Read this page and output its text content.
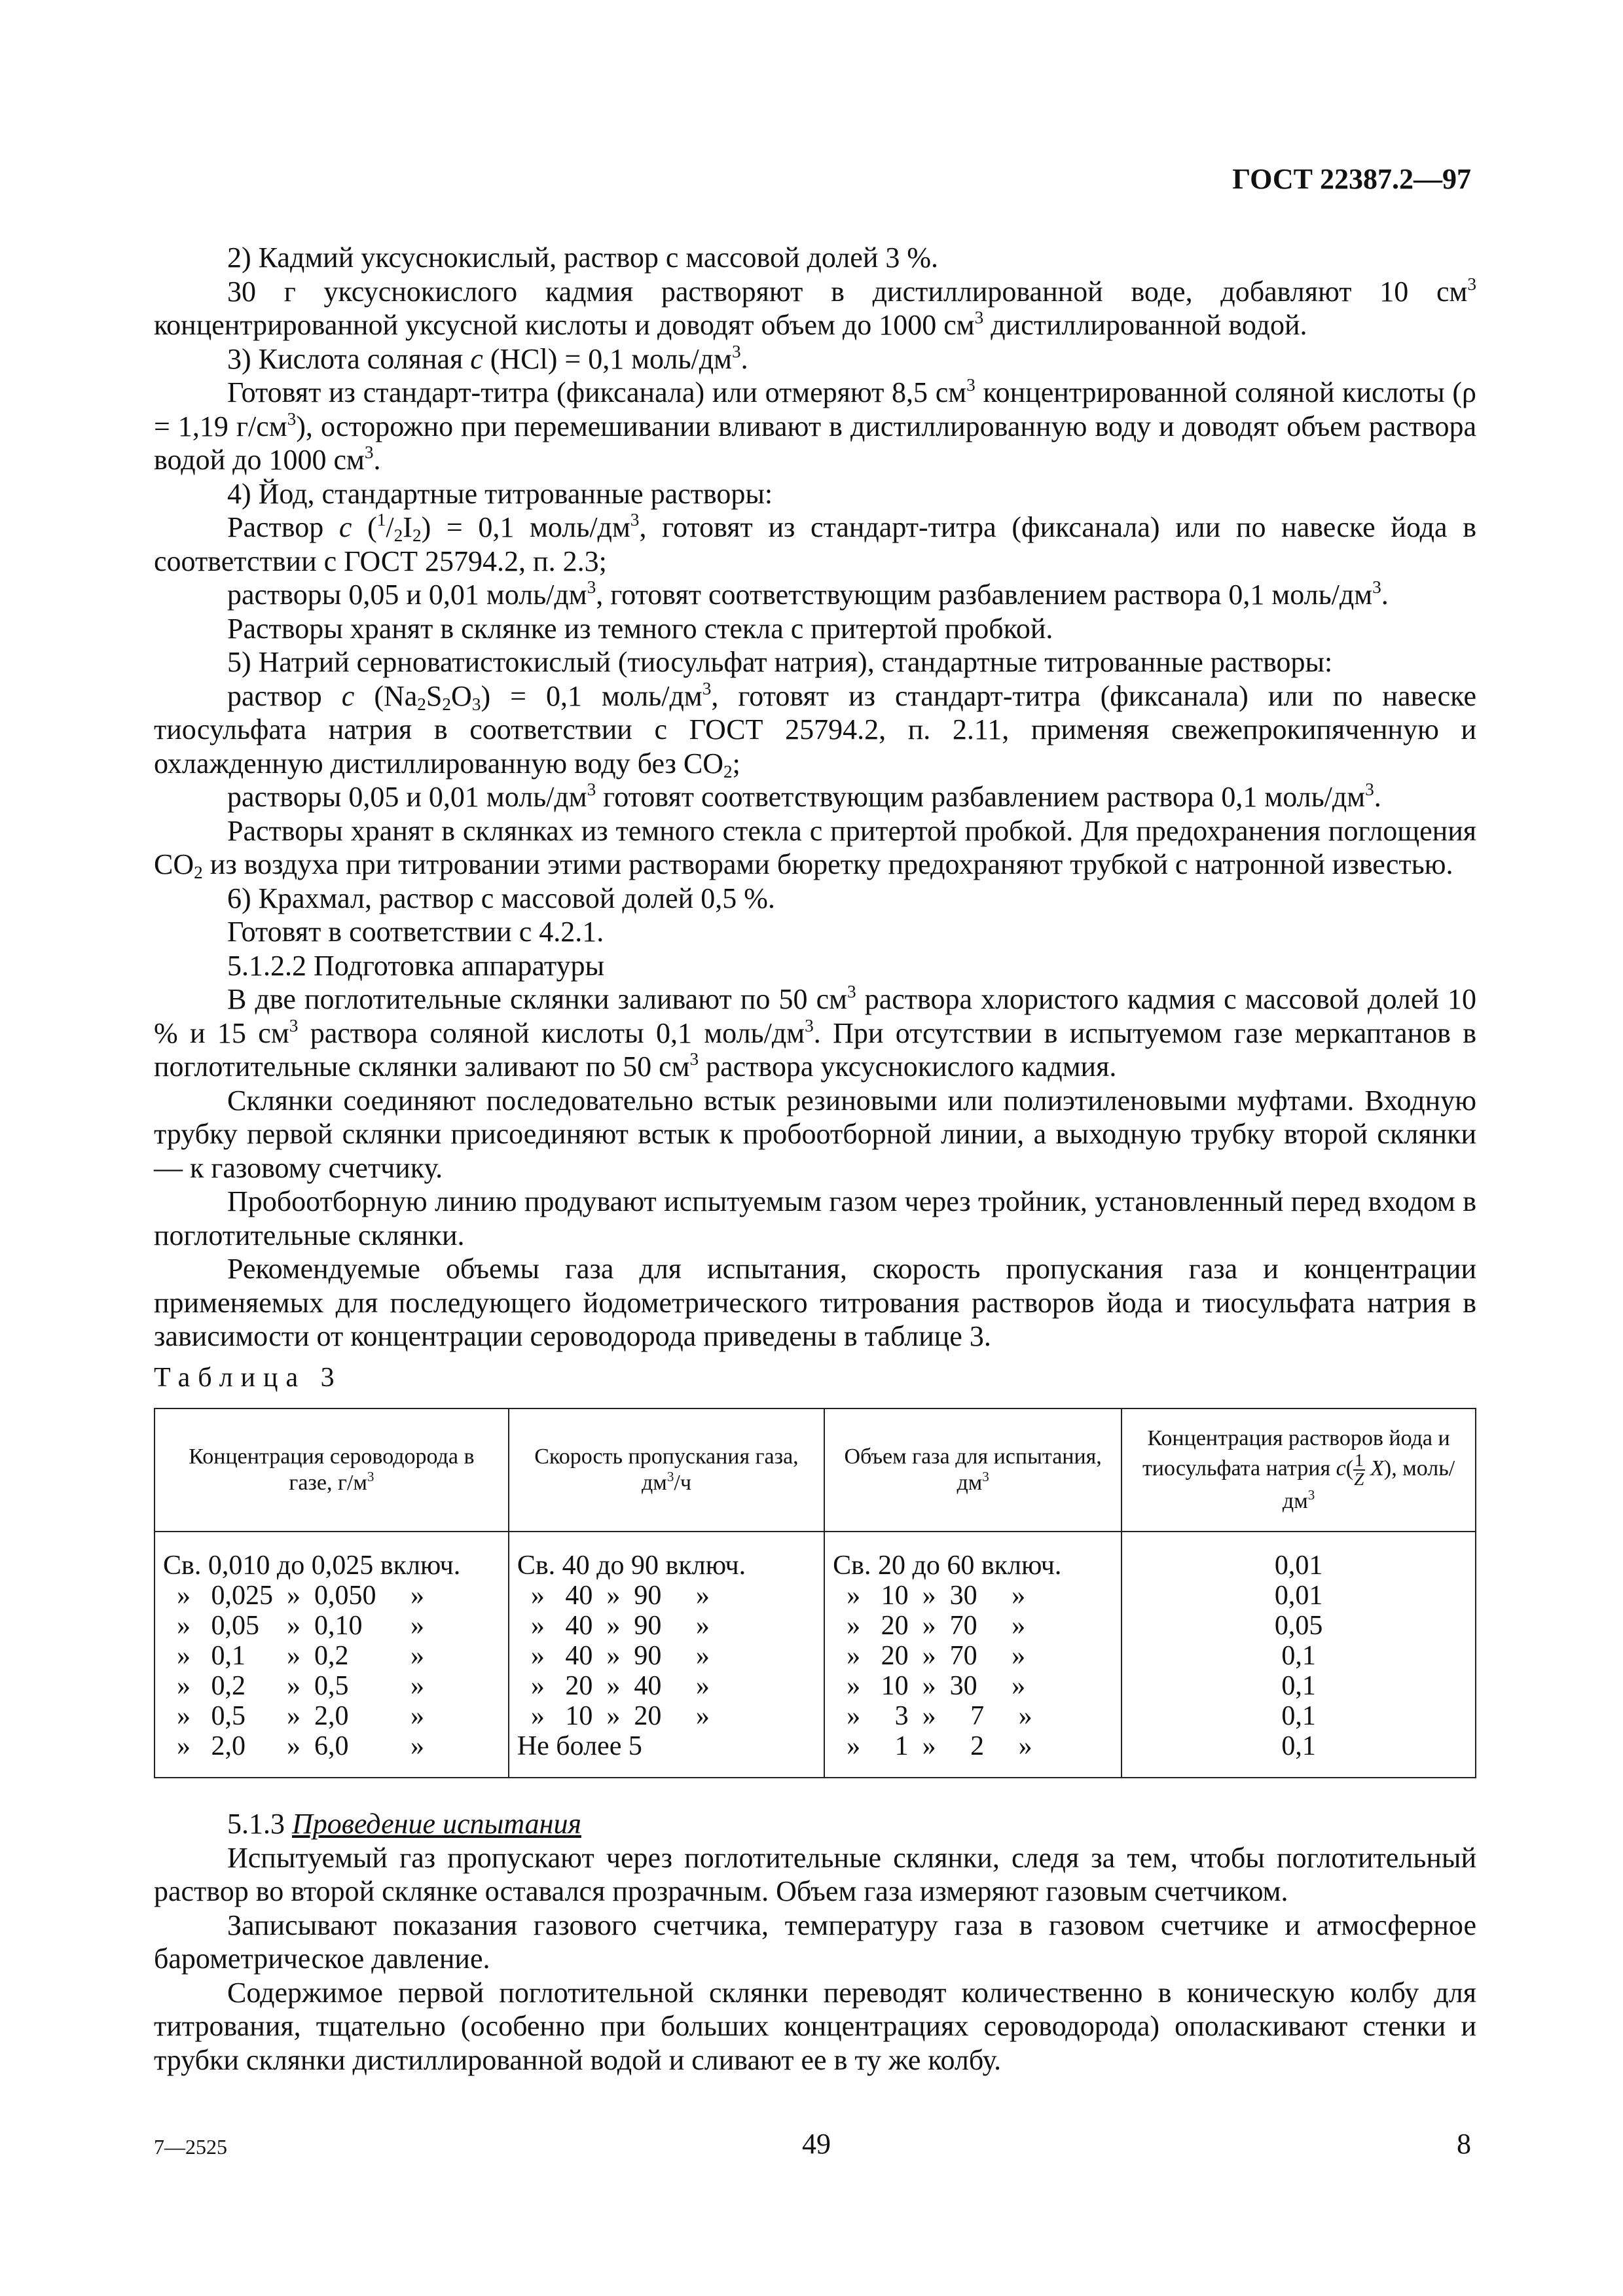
ГОСТ 22387.2—97

2) Кадмий уксуснокислый, раствор с массовой долей 3 %.

30 г уксуснокислого кадмия растворяют в дистиллированной воде, добавляют 10 $см^3$ концентрированной уксусной кислоты и доводят объем до 1000 $см^3$ дистиллированной водой.

3) Кислота соляная c (HCl) = 0,1 моль/$дм^3$.

Готовят из стандарт-титра (фиксанала) или отмеряют 8,5 $см^3$ концентрированной соляной кислоты (ρ = 1,19 $г/см^3$), осторожно при перемешивании вливают в дистиллированную воду и доводят объем раствора водой до 1000 $см^3$.

4) Йод, стандартные титрованные растворы:

Раствор c $(^1/_2I_2) = 0,1$ моль/$дм^3$, готовят из стандарт-титра (фиксанала) или по навеске йода в соответствии с ГОСТ 25794.2, п. 2.3;

растворы 0,05 и 0,01 моль/$дм^3$, готовят соответствующим разбавлением раствора 0,1 моль/$дм^3$.

Растворы хранят в склянке из темного стекла с притертой пробкой.

5) Натрий серноватистокислый (тиосульфат натрия), стандартные титрованные растворы:

раствор c $(Na_2S_2O_3) = 0,1$ моль/$дм^3$, готовят из стандарт-титра (фиксанала) или по навеске тиосульфата натрия в соответствии с ГОСТ 25794.2, п. 2.11, применяя свежепрокипяченную и охлажденную дистиллированную воду без $CO_2$;

растворы 0,05 и 0,01 моль/$дм^3$ готовят соответствующим разбавлением раствора 0,1 моль/$дм^3$.

Растворы хранят в склянках из темного стекла с притертой пробкой. Для предохранения поглощения $CO_2$ из воздуха при титровании этими растворами бюретку предохраняют трубкой с натронной известью.

6) Крахмал, раствор с массовой долей 0,5 %.

Готовят в соответствии с 4.2.1.

5.1.2.2 Подготовка аппаратуры

В две поглотительные склянки заливают по 50 $см^3$ раствора хлористого кадмия с массовой долей 10 % и 15 $см^3$ раствора соляной кислоты 0,1 моль/$дм^3$. При отсутствии в испытуемом газе меркаптанов в поглотительные склянки заливают по 50 $см^3$ раствора уксуснокислого кадмия.

Склянки соединяют последовательно встык резиновыми или полиэтиленовыми муфтами. Входную трубку первой склянки присоединяют встык к пробоотборной линии, а выходную трубку второй склянки — к газовому счетчику.

Пробоотборную линию продувают испытуемым газом через тройник, установленный перед входом в поглотительные склянки.

Рекомендуемые объемы газа для испытания, скорость пропускания газа и концентрации применяемых для последующего йодометрического титрования растворов йода и тиосульфата натрия в зависимости от концентрации сероводорода приведены в таблице 3.

Таблица 3
Концентрация сероводорода в газе, $г/м^3$	Скорость пропускания газа, $дм^3/ч$	Объем газа для испытания, $дм^3$	Концентрация растворов йода и тиосульфата натрия $c( \frac{1}{Z} X)$, моль/$дм^3$
Св. 0,010 до 0,025 включ.	Св. 40 до 90 включ.	Св. 20 до 60 включ.	0,01
»   0,025  »  0,050     »	»   40  »  90     »	»   10  »  30     »	0,01
»   0,05    »  0,10       »	»   40  »  90     »	»   20  »  70     »	0,05
»   0,1      »  0,2         »	»   40  »  90     »	»   20  »  70     »	0,1
»   0,2      »  0,5         »	»   20  »  40     »	»   10  »  30     »	0,1
»   0,5      »  2,0         »	»   10  »  20     »	»     3  »     7     »	0,1
»   2,0      »  6,0         »	Не более 5	»     1  »     2     »	0,1

5.1.3 Проведение испытания

Испытуемый газ пропускают через поглотительные склянки, следя за тем, чтобы поглотительный раствор во второй склянке оставался прозрачным. Объем газа измеряют газовым счетчиком.

Записывают показания газового счетчика, температуру газа в газовом счетчике и атмосферное барометрическое давление.

Содержимое первой поглотительной склянки переводят количественно в коническую колбу для титрования, тщательно (особенно при больших концентрациях сероводорода) ополаскивают стенки и трубки склянки дистиллированной водой и сливают ее в ту же колбу.

7—2525	49	8
